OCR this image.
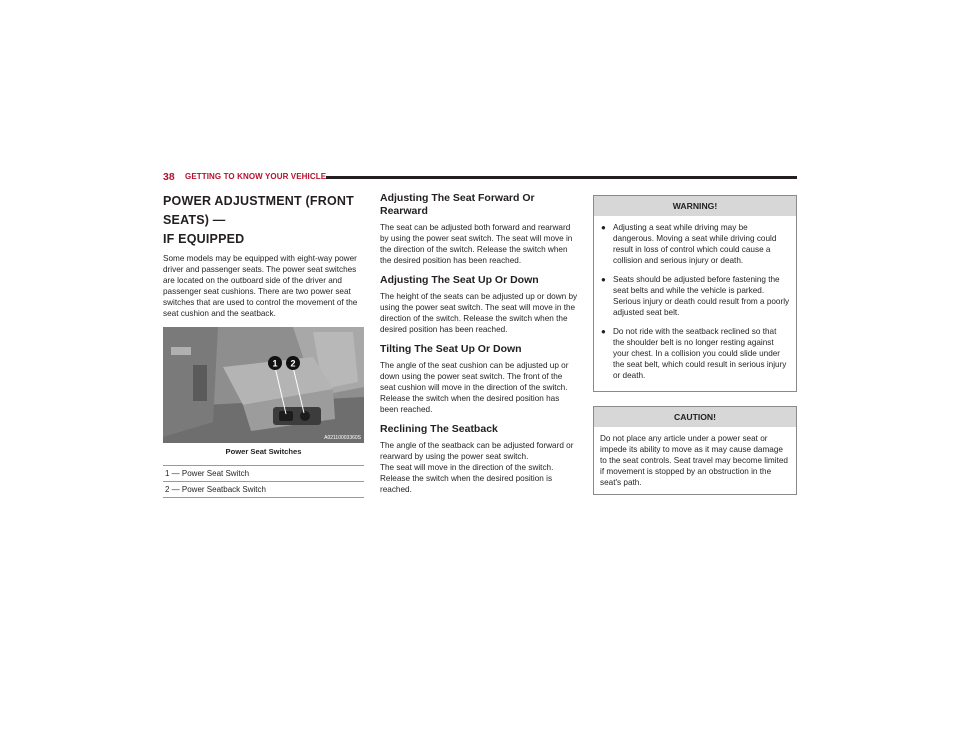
38 GETTING TO KNOW YOUR VEHICLE
POWER ADJUSTMENT (FRONT SEATS) —
IF EQUIPPED

Some models may be equipped with eight-way power driver and passenger seats. The power seat switches are located on the outboard side of the driver and passenger seat cushions. There are two power seat switches that are used to control the movement of the seat cushion and the seatback.

1 2
A02110003360S
Power Seat Switches
1 — Power Seat Switch
2 — Power Seatback Switch
Adjusting The Seat Forward Or Rearward

The seat can be adjusted both forward and rearward by using the power seat switch. The seat will move in the direction of the switch. Release the switch when the desired position has been reached.

Adjusting The Seat Up Or Down

The height of the seats can be adjusted up or down by using the power seat switch. The seat will move in the direction of the switch. Release the switch when the desired position has been reached.

Tilting The Seat Up Or Down

The angle of the seat cushion can be adjusted up or down using the power seat switch. The front of the seat cushion will move in the direction of the switch. Release the switch when the desired position has been reached.

Reclining The Seatback

The angle of the seatback can be adjusted forward or rearward by using the power seat switch.

The seat will move in the direction of the switch. Release the switch when the desired position is reached.

WARNING!
● Adjusting a seat while driving may be dangerous. Moving a seat while driving could result in loss of control which could cause a collision and serious injury or death.
● Seats should be adjusted before fastening the seat belts and while the vehicle is parked. Serious injury or death could result from a poorly adjusted seat belt.
● Do not ride with the seatback reclined so that the shoulder belt is no longer resting against your chest. In a collision you could slide under the seat belt, which could result in serious injury or death.
CAUTION!

Do not place any article under a power seat or impede its ability to move as it may cause damage to the seat controls. Seat travel may become limited if movement is stopped by an obstruction in the seat's path.
